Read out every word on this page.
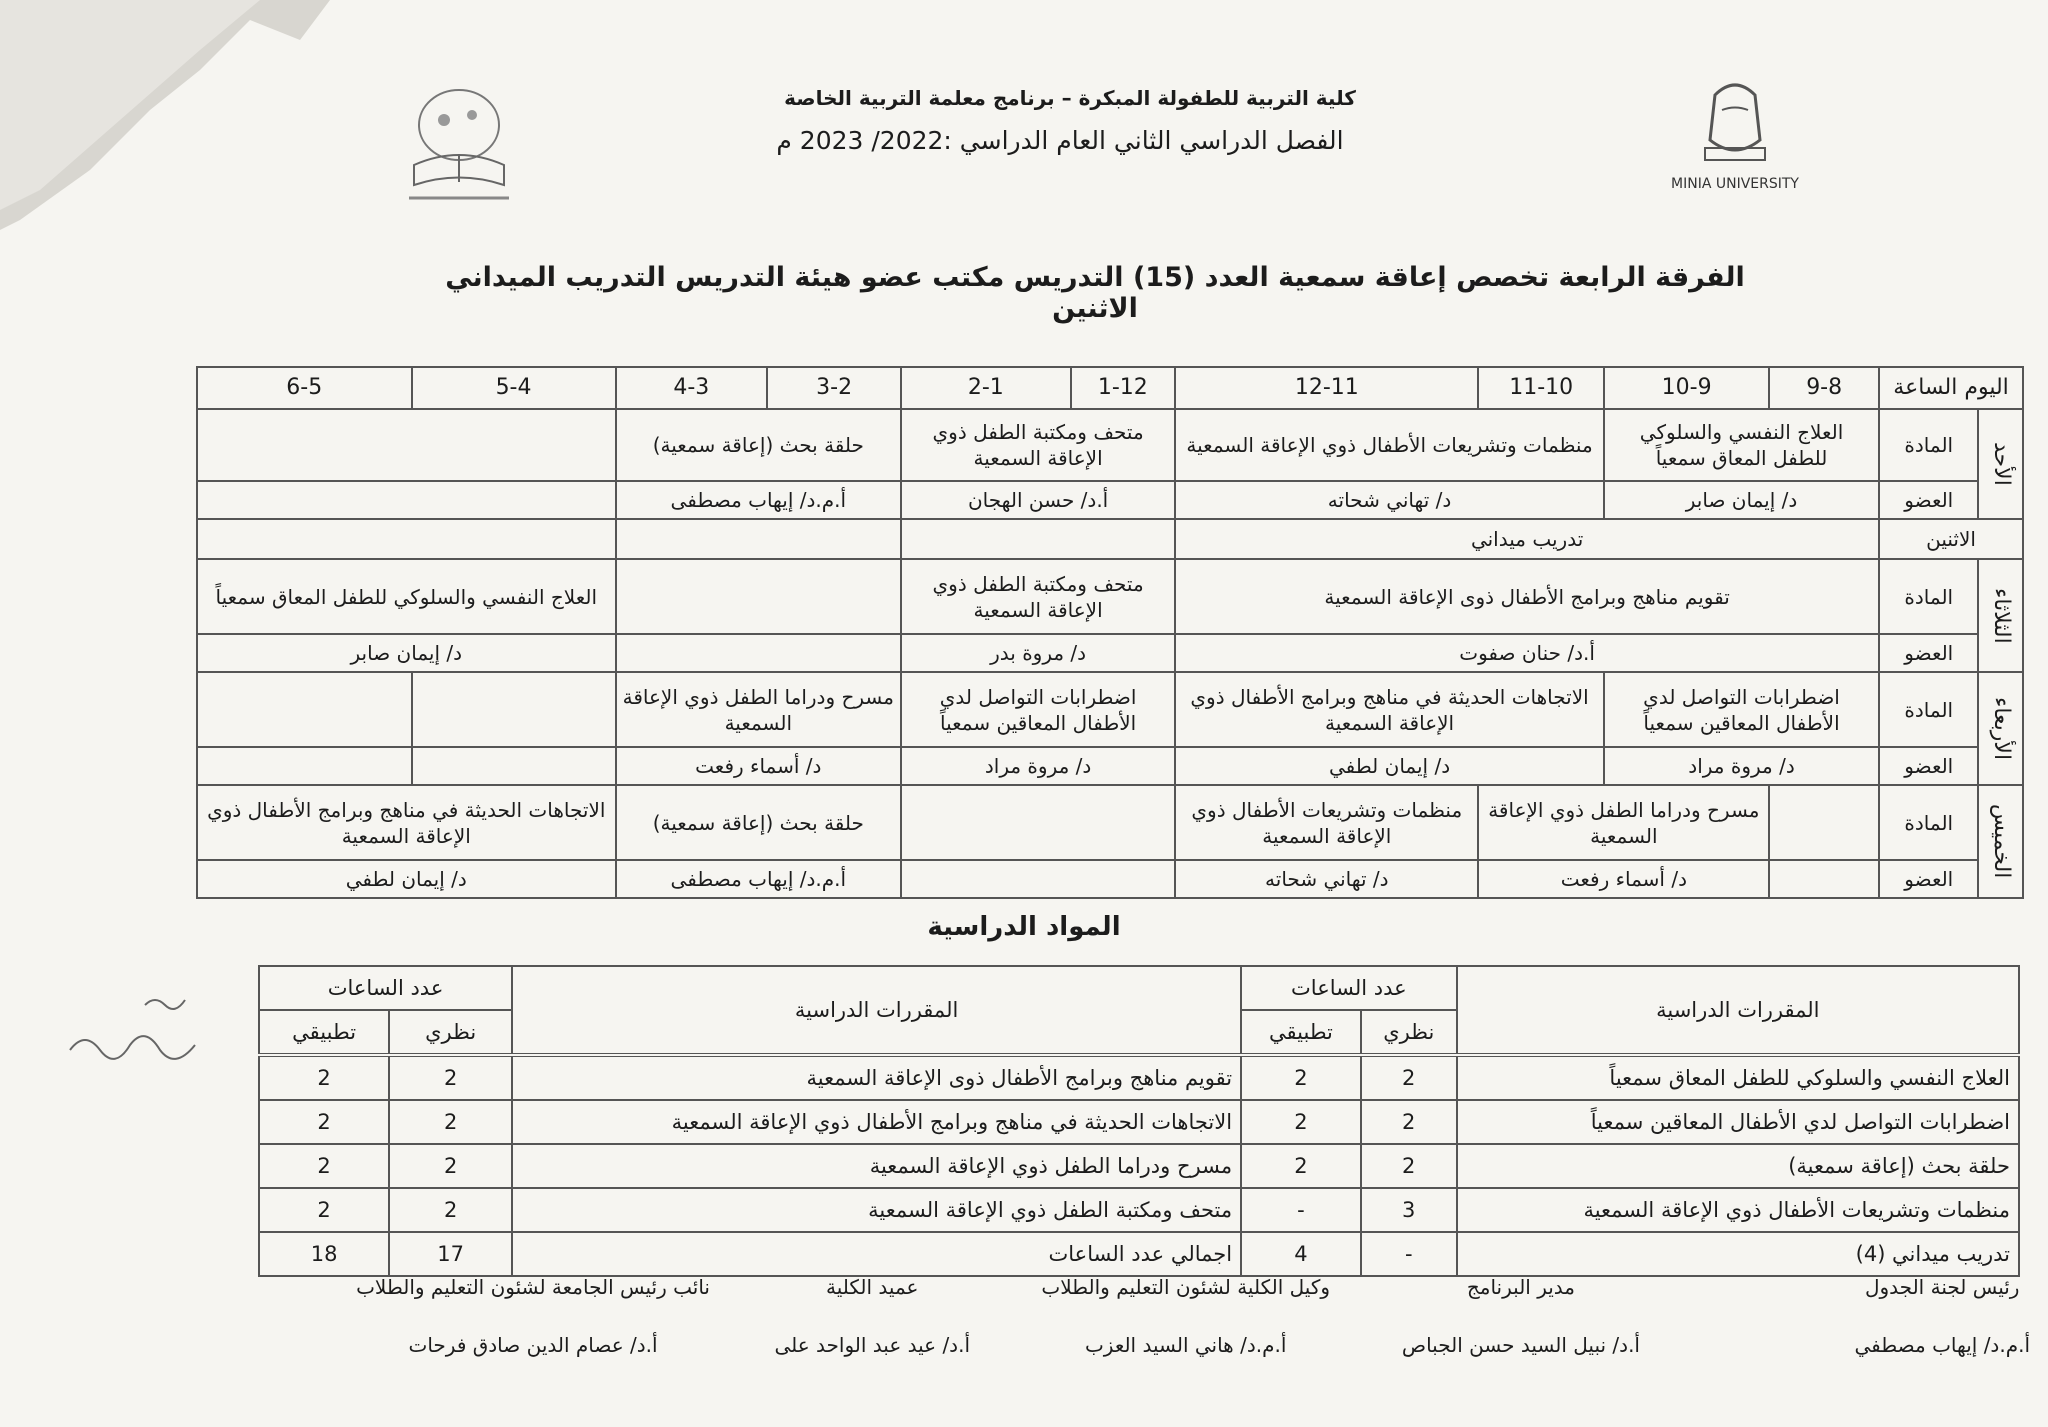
MINIA UNIVERSITY
كلية التربية للطفولة المبكرة – برنامج معلمة التربية الخاصة
الفصل الدراسي الثاني العام الدراسي :2022/ 2023 م
الفرقة الرابعة تخصص إعاقة سمعية العدد (15) التدريس مكتب عضو هيئة التدريس التدريب الميداني الاثنين
اليوم الساعة		9-8	10-9	11-10	12-11	1-12	2-1	3-2	4-3	5-4	6-5
الأحد	المادة	العلاج النفسي والسلوكي للطفل المعاق سمعياً		منظمات وتشريعات الأطفال ذوي الإعاقة السمعية		متحف ومكتبة الطفل ذوي الإعاقة السمعية		حلقة بحث (إعاقة سمعية)			
	العضو	د/ إيمان صابر		د/ تهاني شحاته		أ.د/ حسن الهجان		أ.م.د/ إيهاب مصطفى			
الاثنين		تدريب ميداني									
الثلاثاء	المادة	تقويم مناهج وبرامج الأطفال ذوى الإعاقة السمعية				متحف ومكتبة الطفل ذوي الإعاقة السمعية				العلاج النفسي والسلوكي للطفل المعاق سمعياً	
	العضو	أ.د/ حنان صفوت				د/ مروة بدر				د/ إيمان صابر	
الأربعاء	المادة	اضطرابات التواصل لدي الأطفال المعاقين سمعياً		الاتجاهات الحديثة في مناهج وبرامج الأطفال ذوي الإعاقة السمعية		اضطرابات التواصل لدي الأطفال المعاقين سمعياً		مسرح ودراما الطفل ذوي الإعاقة السمعية			
	العضو	د/ مروة مراد		د/ إيمان لطفي		د/ مروة مراد		د/ أسماء رفعت			
الخميس	المادة		مسرح ودراما الطفل ذوي الإعاقة السمعية		منظمات وتشريعات الأطفال ذوي الإعاقة السمعية			حلقة بحث (إعاقة سمعية)		الاتجاهات الحديثة في مناهج وبرامج الأطفال ذوي الإعاقة السمعية	
	العضو		د/ أسماء رفعت		د/ تهاني شحاته			أ.م.د/ إيهاب مصطفى		د/ إيمان لطفي	
المواد الدراسية
المقررات الدراسية	عدد الساعات		المقررات الدراسية	عدد الساعات	
	نظري	تطبيقي		نظري	تطبيقي
العلاج النفسي والسلوكي للطفل المعاق سمعياً	2	2	تقويم مناهج وبرامج الأطفال ذوى الإعاقة السمعية	2	2
اضطرابات التواصل لدي الأطفال المعاقين سمعياً	2	2	الاتجاهات الحديثة في مناهج وبرامج الأطفال ذوي الإعاقة السمعية	2	2
حلقة بحث (إعاقة سمعية)	2	2	مسرح ودراما الطفل ذوي الإعاقة السمعية	2	2
منظمات وتشريعات الأطفال ذوي الإعاقة السمعية	3	-	متحف ومكتبة الطفل ذوي الإعاقة السمعية	2	2
تدريب ميداني (4)	-	4	اجمالي عدد الساعات	17	18
رئيس لجنة الجدول
أ.م.د/ إيهاب مصطفي
مدير البرنامج
أ.د/ نبيل السيد حسن الجباص
وكيل الكلية لشئون التعليم والطلاب
أ.م.د/ هاني السيد العزب
عميد الكلية
أ.د/ عيد عبد الواحد على
نائب رئيس الجامعة لشئون التعليم والطلاب
أ.د/ عصام الدين صادق فرحات
